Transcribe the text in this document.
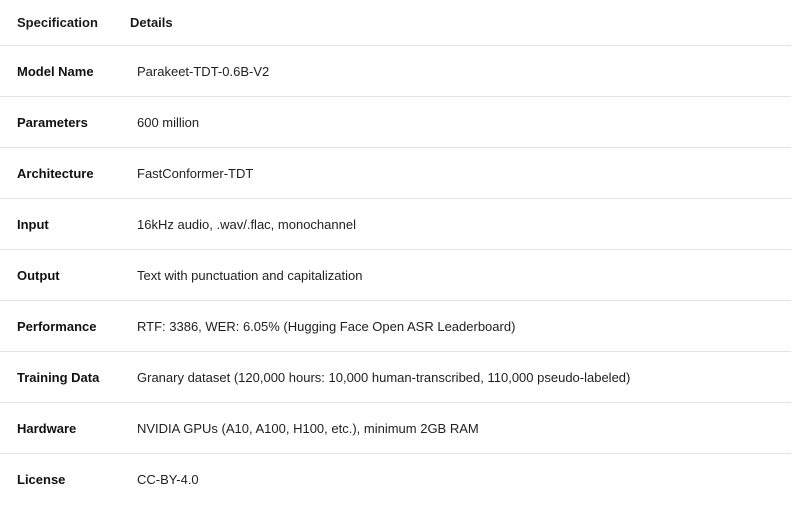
Specification	Details
Model Name	Parakeet-TDT-0.6B-V2
Parameters	600 million
Architecture	FastConformer-TDT
Input	16kHz audio, .wav/.flac, monochannel
Output	Text with punctuation and capitalization
Performance	RTF: 3386, WER: 6.05% (Hugging Face Open ASR Leaderboard)
Training Data	Granary dataset (120,000 hours: 10,000 human-transcribed, 110,000 pseudo-labeled)
Hardware	NVIDIA GPUs (A10, A100, H100, etc.), minimum 2GB RAM
License	CC-BY-4.0
